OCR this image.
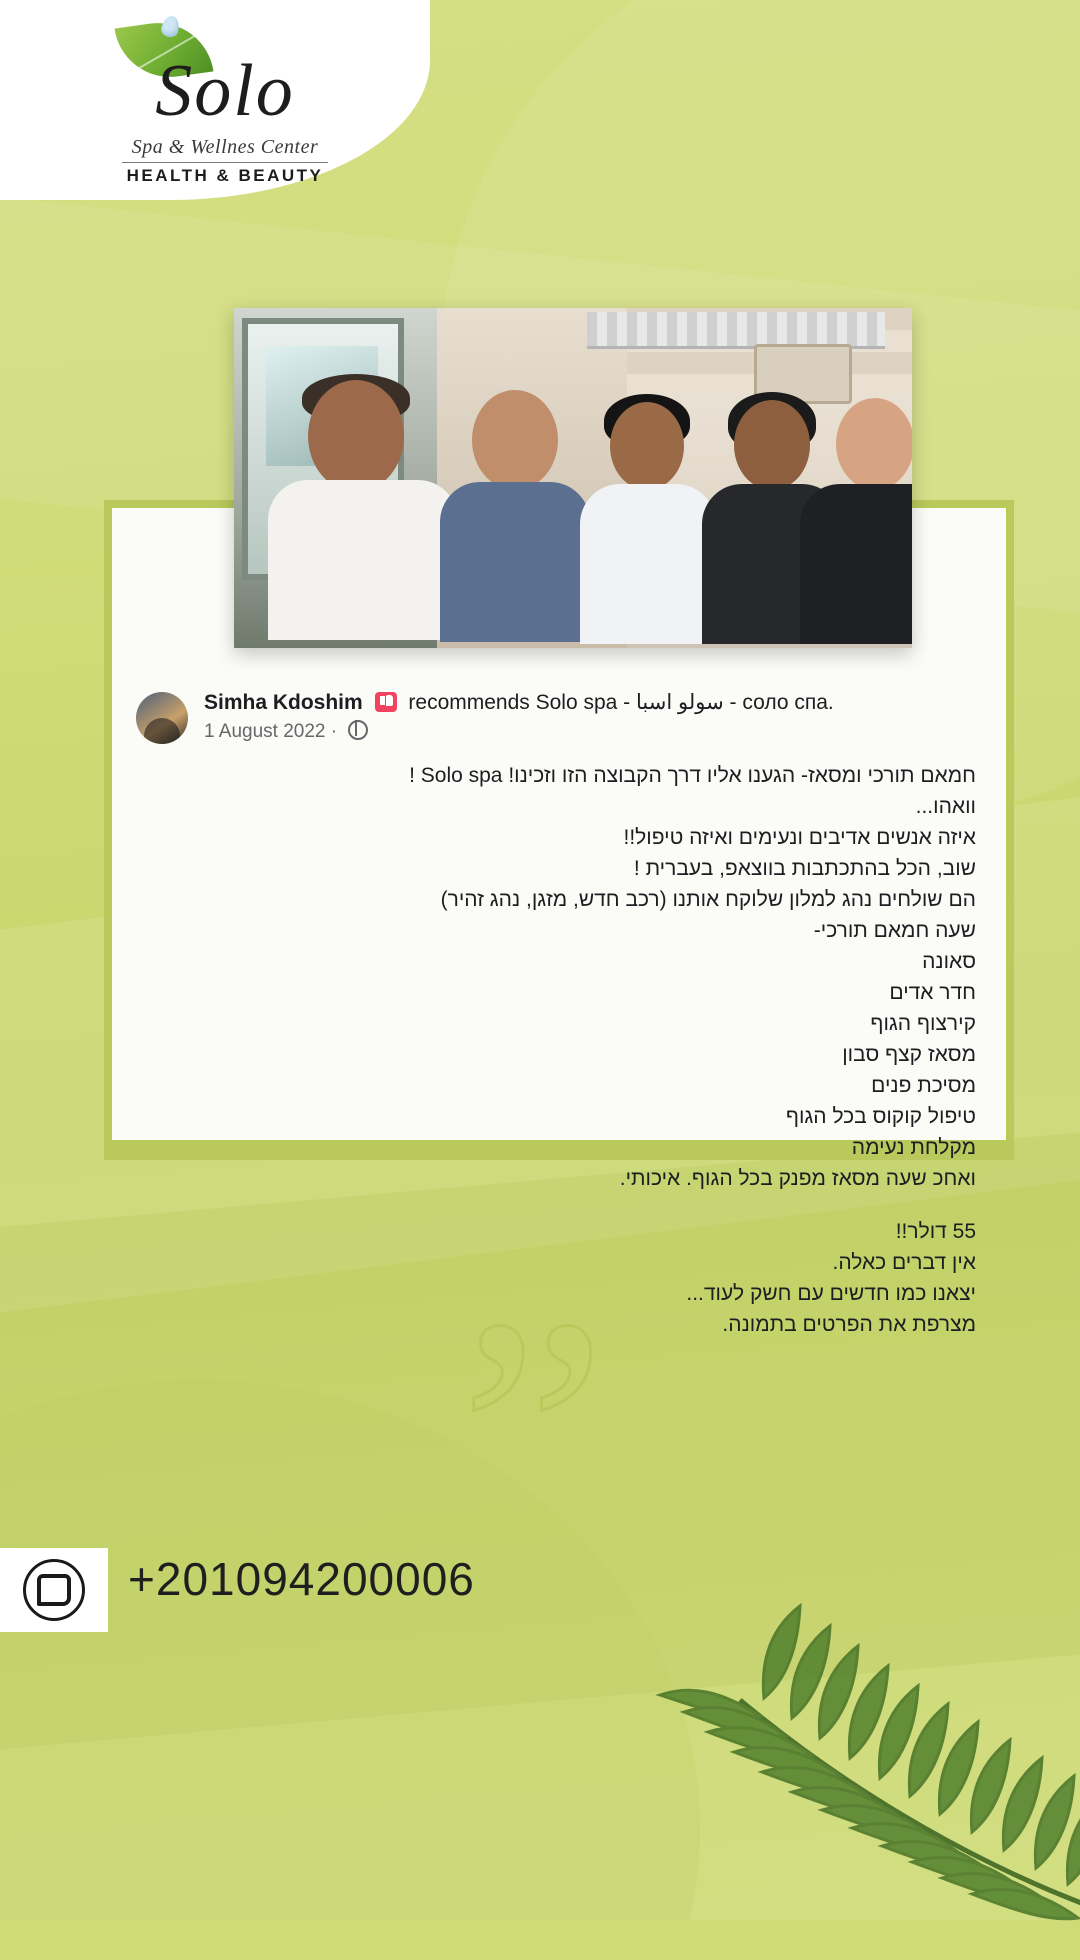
Solo
Spa & Wellnes Center
HEALTH & BEAUTY
”
Simha Kdoshim recommends Solo spa - سولو اسبا - соло спа.
1 August 2022 ·

חמאם תורכי ומסאז- הגענו אליו דרך הקבוצה הזו וזכינו! Solo spa !

וואהו...

איזה אנשים אדיבים ונעימים ואיזה טיפול!!

שוב, הכל בהתכתבות בווצאפ, בעברית !

הם שולחים נהג למלון שלוקח אותנו (רכב חדש, מזגן, נהג זהיר)

שעה חמאם תורכי-

סאונה

חדר אדים

קירצוף הגוף

מסאז קצף סבון

מסיכת פנים

טיפול קוקוס בכל הגוף

מקלחת נעימה

ואחכ שעה מסאז מפנק בכל הגוף. איכותי.

55 דולר!!

אין דברים כאלה.

יצאנו כמו חדשים עם חשק לעוד...

מצרפת את הפרטים בתמונה.

+201094200006
